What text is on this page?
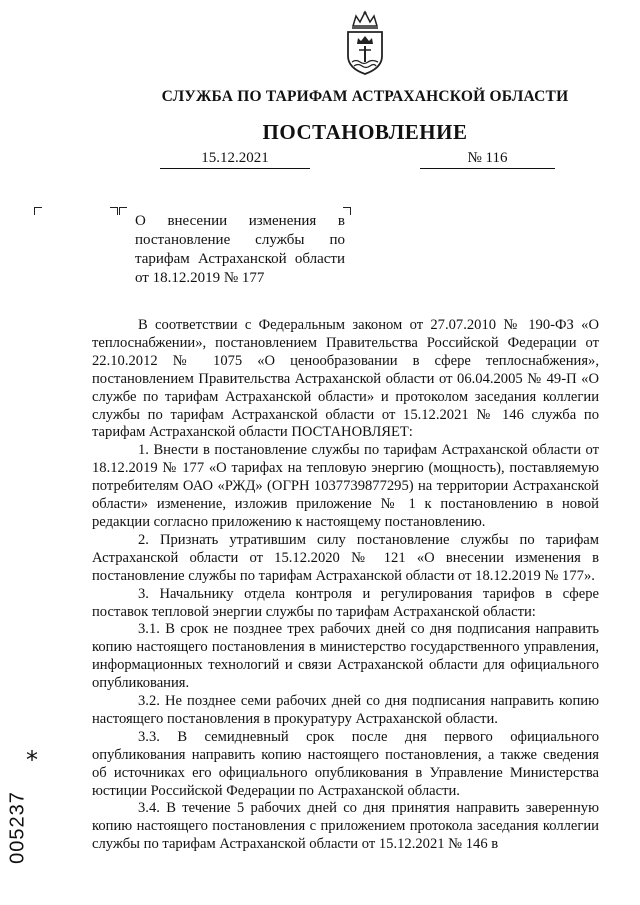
СЛУЖБА ПО ТАРИФАМ АСТРАХАНСКОЙ ОБЛАСТИ
ПОСТАНОВЛЕНИЕ
15.12.2021	№ 116
О внесении изменения в постановление службы по тарифам Астраханской области от 18.12.2019 № 177

В соответствии с Федеральным законом от 27.07.2010 № 190-ФЗ «О теплоснабжении», постановлением Правительства Российской Федерации от 22.10.2012 № 1075 «О ценообразовании в сфере теплоснабжения», постановлением Правительства Астраханской области от 06.04.2005 № 49-П «О службе по тарифам Астраханской области» и протоколом заседания коллегии службы по тарифам Астраханской области от 15.12.2021 № 146 служба по тарифам Астраханской области ПОСТАНОВЛЯЕТ:

1. Внести в постановление службы по тарифам Астраханской области от 18.12.2019 № 177 «О тарифах на тепловую энергию (мощность), поставляемую потребителям ОАО «РЖД» (ОГРН 1037739877295) на территории Астраханской области» изменение, изложив приложение № 1 к постановлению в новой редакции согласно приложению к настоящему постановлению.

2. Признать утратившим силу постановление службы по тарифам Астраханской области от 15.12.2020 № 121 «О внесении изменения в постановление службы по тарифам Астраханской области от 18.12.2019 № 177».

3. Начальнику отдела контроля и регулирования тарифов в сфере поставок тепловой энергии службы по тарифам Астраханской области:

3.1. В срок не позднее трех рабочих дней со дня подписания направить копию настоящего постановления в министерство государственного управления, информационных технологий и связи Астраханской области для официального опубликования.

3.2. Не позднее семи рабочих дней со дня подписания направить копию настоящего постановления в прокуратуру Астраханской области.

3.3. В семидневный срок после дня первого официального опубликования направить копию настоящего постановления, а также сведения об источниках его официального опубликования в Управление Министерства юстиции Российской Федерации по Астраханской области.

3.4. В течение 5 рабочих дней со дня принятия направить заверенную копию настоящего постановления с приложением протокола заседания коллегии службы по тарифам Астраханской области от 15.12.2021 № 146 в

*
005237
